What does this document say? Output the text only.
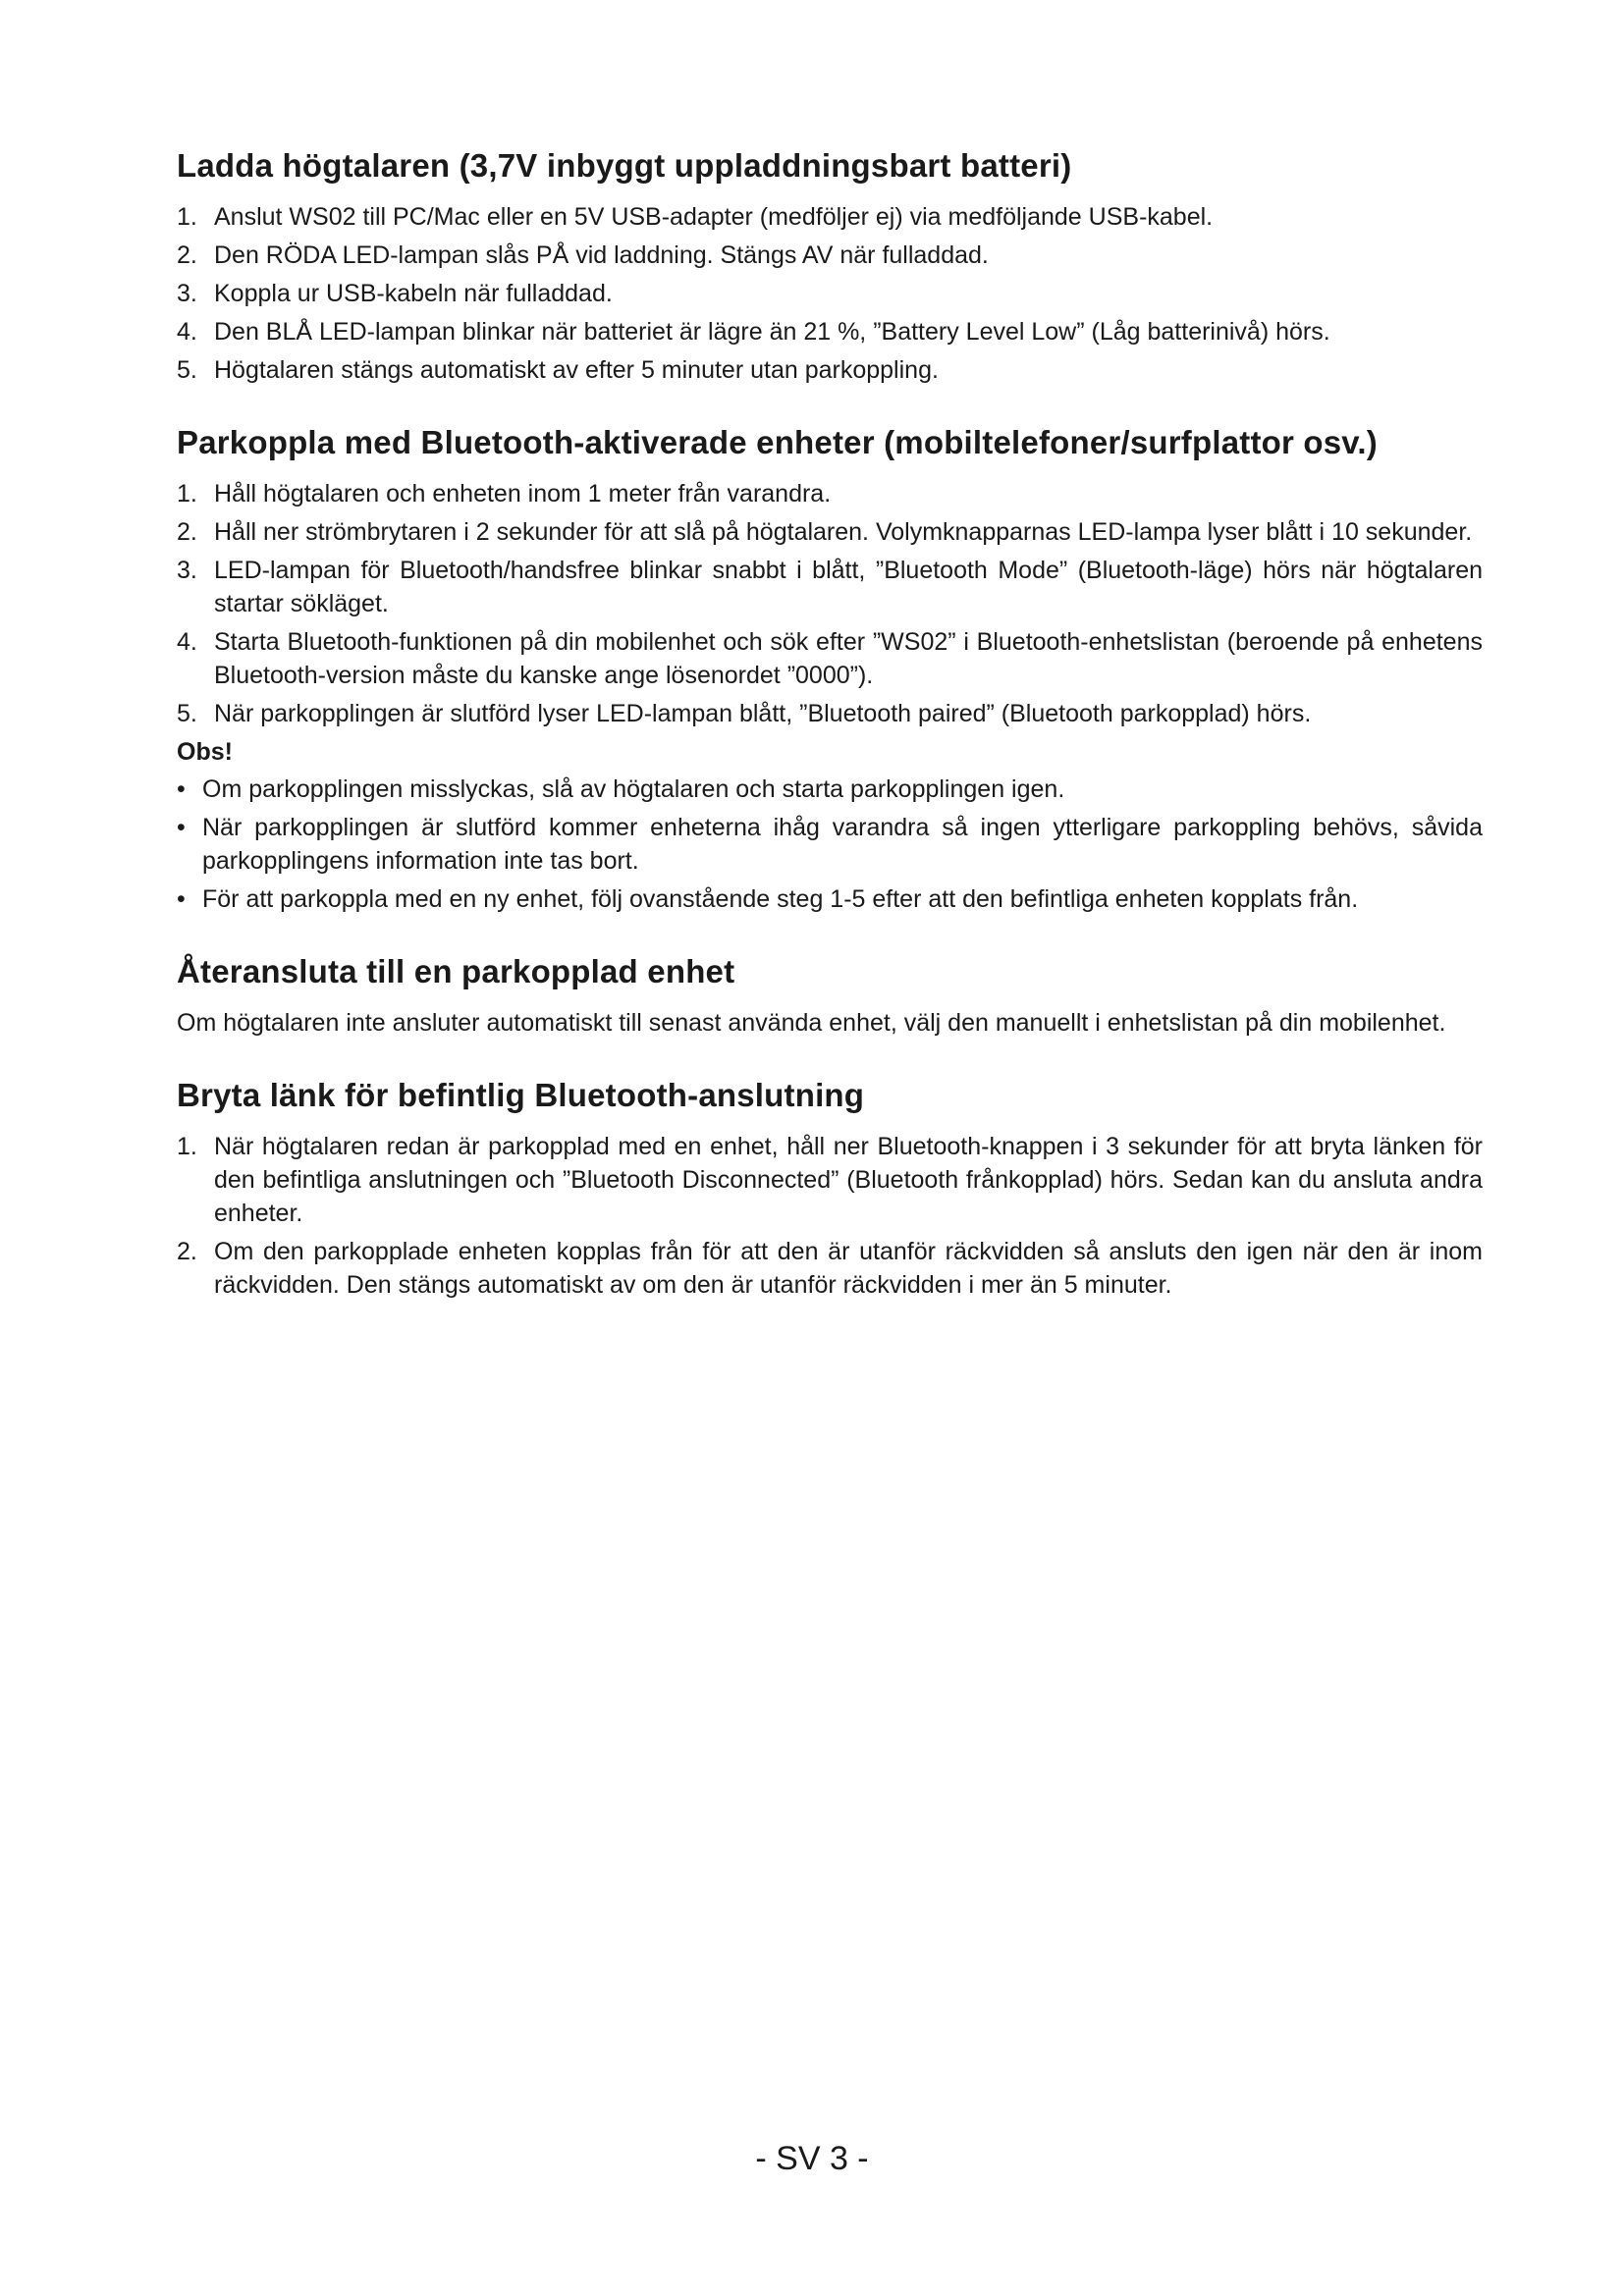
Ladda högtalaren (3,7V inbyggt uppladdningsbart batteri)
1. Anslut WS02 till PC/Mac eller en 5V USB-adapter (medföljer ej) via medföljande USB-kabel.
2. Den RÖDA LED-lampan slås PÅ vid laddning. Stängs AV när fulladdad.
3. Koppla ur USB-kabeln när fulladdad.
4. Den BLÅ LED-lampan blinkar när batteriet är lägre än 21 %, ”Battery Level Low” (Låg batterinivå) hörs.
5. Högtalaren stängs automatiskt av efter 5 minuter utan parkoppling.
Parkoppla med Bluetooth-aktiverade enheter (mobiltelefoner/surfplattor osv.)
1. Håll högtalaren och enheten inom 1 meter från varandra.
2. Håll ner strömbrytaren i 2 sekunder för att slå på högtalaren. Volymknapparnas LED-lampa lyser blått i 10 sekunder.
3. LED-lampan för Bluetooth/handsfree blinkar snabbt i blått, ”Bluetooth Mode” (Bluetooth-läge) hörs när högtalaren startar sökläget.
4. Starta Bluetooth-funktionen på din mobilenhet och sök efter ”WS02” i Bluetooth-enhetslistan (beroende på enhetens Bluetooth-version måste du kanske ange lösenordet ”0000”).
5. När parkopplingen är slutförd lyser LED-lampan blått, ”Bluetooth paired” (Bluetooth parkopplad) hörs.
Obs!
• Om parkopplingen misslyckas, slå av högtalaren och starta parkopplingen igen.
• När parkopplingen är slutförd kommer enheterna ihåg varandra så ingen ytterligare parkoppling behövs, såvida parkopplingens information inte tas bort.
• För att parkoppla med en ny enhet, följ ovanstående steg 1-5 efter att den befintliga enheten kopplats från.
Återansluta till en parkopplad enhet

Om högtalaren inte ansluter automatiskt till senast använda enhet, välj den manuellt i enhetslistan på din mobilenhet.

Bryta länk för befintlig Bluetooth-anslutning
1. När högtalaren redan är parkopplad med en enhet, håll ner Bluetooth-knappen i 3 sekunder för att bryta länken för den befintliga anslutningen och ”Bluetooth Disconnected” (Bluetooth frånkopplad) hörs. Sedan kan du ansluta andra enheter.
2. Om den parkopplade enheten kopplas från för att den är utanför räckvidden så ansluts den igen när den är inom räckvidden. Den stängs automatiskt av om den är utanför räckvidden i mer än 5 minuter.
- SV 3 -
